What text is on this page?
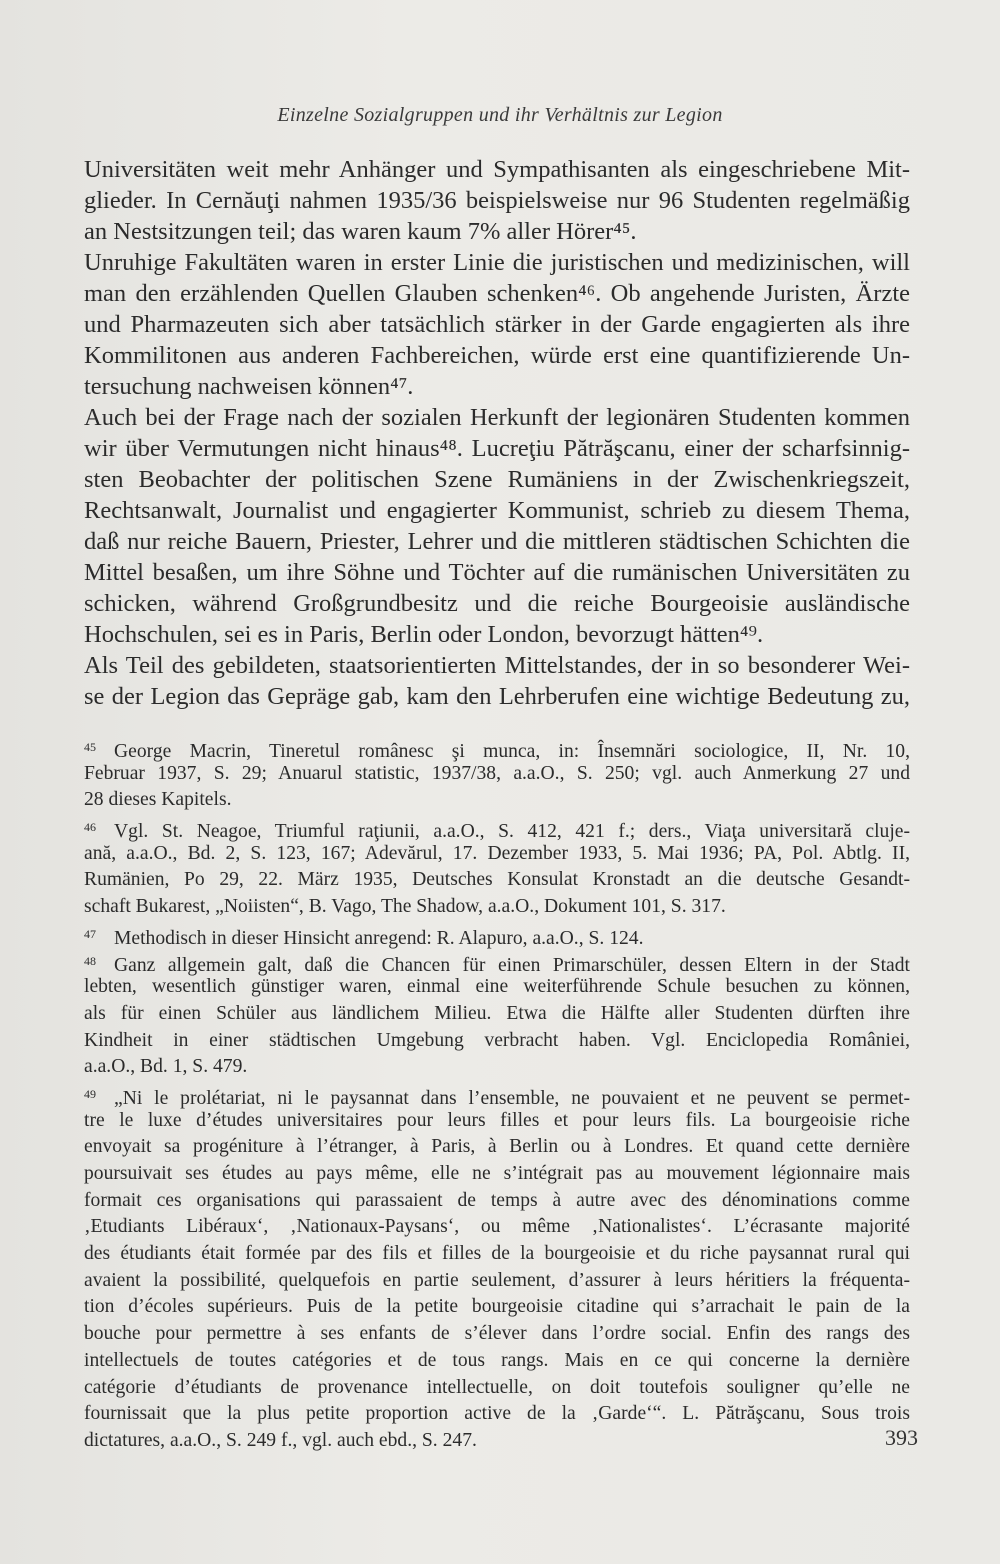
Einzelne Sozialgruppen und ihr Verhältnis zur Legion
Universitäten weit mehr Anhänger und Sympathisanten als eingeschriebene Mit-
glieder. In Cernăuţi nahmen 1935/36 beispielsweise nur 96 Studenten regelmäßig
an Nestsitzungen teil; das waren kaum 7% aller Hörer⁴⁵.
Unruhige Fakultäten waren in erster Linie die juristischen und medizinischen, will
man den erzählenden Quellen Glauben schenken⁴⁶. Ob angehende Juristen, Ärzte
und Pharmazeuten sich aber tatsächlich stärker in der Garde engagierten als ihre
Kommilitonen aus anderen Fachbereichen, würde erst eine quantifizierende Un-
tersuchung nachweisen können⁴⁷.
Auch bei der Frage nach der sozialen Herkunft der legionären Studenten kommen
wir über Vermutungen nicht hinaus⁴⁸. Lucreţiu Pătrăşcanu, einer der scharfsinnig-
sten Beobachter der politischen Szene Rumäniens in der Zwischenkriegszeit,
Rechtsanwalt, Journalist und engagierter Kommunist, schrieb zu diesem Thema,
daß nur reiche Bauern, Priester, Lehrer und die mittleren städtischen Schichten die
Mittel besaßen, um ihre Söhne und Töchter auf die rumänischen Universitäten zu
schicken, während Großgrundbesitz und die reiche Bourgeoisie ausländische
Hochschulen, sei es in Paris, Berlin oder London, bevorzugt hätten⁴⁹.
Als Teil des gebildeten, staatsorientierten Mittelstandes, der in so besonderer Wei-
se der Legion das Gepräge gab, kam den Lehrberufen eine wichtige Bedeutung zu,
45 George Macrin, Tineretul românesc şi munca, in: Însemnări sociologice, II, Nr. 10,
Februar 1937, S. 29; Anuarul statistic, 1937/38, a.a.O., S. 250; vgl. auch Anmerkung 27 und
28 dieses Kapitels.
46 Vgl. St. Neagoe, Triumful raţiunii, a.a.O., S. 412, 421 f.; ders., Viaţa universitară cluje-
ană, a.a.O., Bd. 2, S. 123, 167; Adevărul, 17. Dezember 1933, 5. Mai 1936; PA, Pol. Abtlg. II,
Rumänien, Po 29, 22. März 1935, Deutsches Konsulat Kronstadt an die deutsche Gesandt-
schaft Bukarest, „Noiisten“, B. Vago, The Shadow, a.a.O., Dokument 101, S. 317.
47 Methodisch in dieser Hinsicht anregend: R. Alapuro, a.a.O., S. 124.
48 Ganz allgemein galt, daß die Chancen für einen Primarschüler, dessen Eltern in der Stadt
lebten, wesentlich günstiger waren, einmal eine weiterführende Schule besuchen zu können,
als für einen Schüler aus ländlichem Milieu. Etwa die Hälfte aller Studenten dürften ihre
Kindheit in einer städtischen Umgebung verbracht haben. Vgl. Enciclopedia României,
a.a.O., Bd. 1, S. 479.
49 „Ni le prolétariat, ni le paysannat dans l’ensemble, ne pouvaient et ne peuvent se permet-
tre le luxe d’études universitaires pour leurs filles et pour leurs fils. La bourgeoisie riche
envoyait sa progéniture à l’étranger, à Paris, à Berlin ou à Londres. Et quand cette dernière
poursuivait ses études au pays même, elle ne s’intégrait pas au mouvement légionnaire mais
formait ces organisations qui parassaient de temps à autre avec des dénominations comme
‚Etudiants Libéraux‘, ‚Nationaux-Paysans‘, ou même ‚Nationalistes‘. L’écrasante majorité
des étudiants était formée par des fils et filles de la bourgeoisie et du riche paysannat rural qui
avaient la possibilité, quelquefois en partie seulement, d’assurer à leurs héritiers la fréquenta-
tion d’écoles supérieurs. Puis de la petite bourgeoisie citadine qui s’arrachait le pain de la
bouche pour permettre à ses enfants de s’élever dans l’ordre social. Enfin des rangs des
intellectuels de toutes catégories et de tous rangs. Mais en ce qui concerne la dernière
catégorie d’étudiants de provenance intellectuelle, on doit toutefois souligner qu’elle ne
fournissait que la plus petite proportion active de la ‚Garde‘“. L. Pătrăşcanu, Sous trois
dictatures, a.a.O., S. 249 f., vgl. auch ebd., S. 247.	393
